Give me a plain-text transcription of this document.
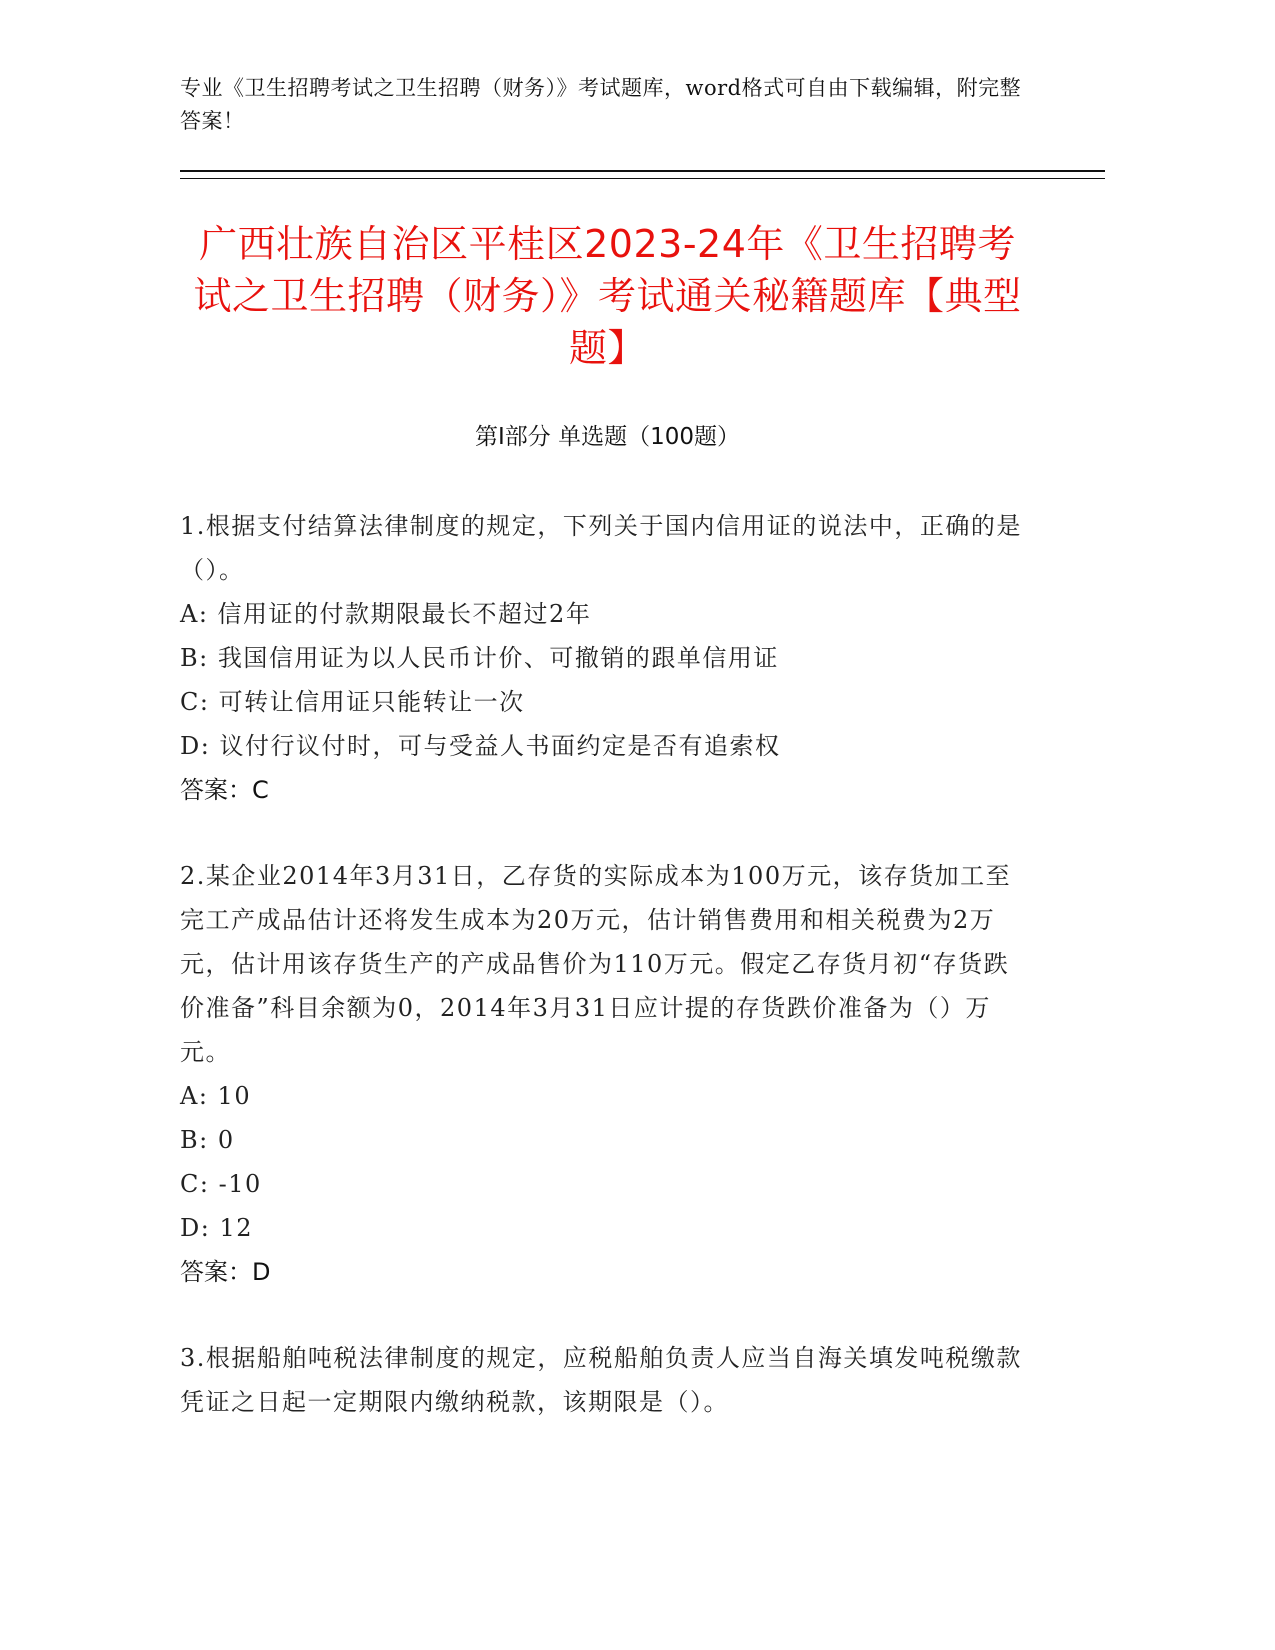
专业《卫生招聘考试之卫生招聘（财务）》考试题库，word格式可自由下载编辑，附完整答案！
广西壮族自治区平桂区2023-24年《卫生招聘考试之卫生招聘（财务）》考试通关秘籍题库【典型题】
第Ⅰ部分 单选题（100题）

1.根据支付结算法律制度的规定，下列关于国内信用证的说法中，正确的是（）。

A: 信用证的付款期限最长不超过2年

B: 我国信用证为以人民币计价、可撤销的跟单信用证

C: 可转让信用证只能转让一次

D: 议付行议付时，可与受益人书面约定是否有追索权

答案：C

2.某企业2014年3月31日，乙存货的实际成本为100万元，该存货加工至完工产成品估计还将发生成本为20万元，估计销售费用和相关税费为2万元，估计用该存货生产的产成品售价为110万元。假定乙存货月初“存货跌价准备”科目余额为0，2014年3月31日应计提的存货跌价准备为（）万元。

A: 10

B: 0

C: -10

D: 12

答案：D

3.根据船舶吨税法律制度的规定，应税船舶负责人应当自海关填发吨税缴款凭证之日起一定期限内缴纳税款，该期限是（）。
